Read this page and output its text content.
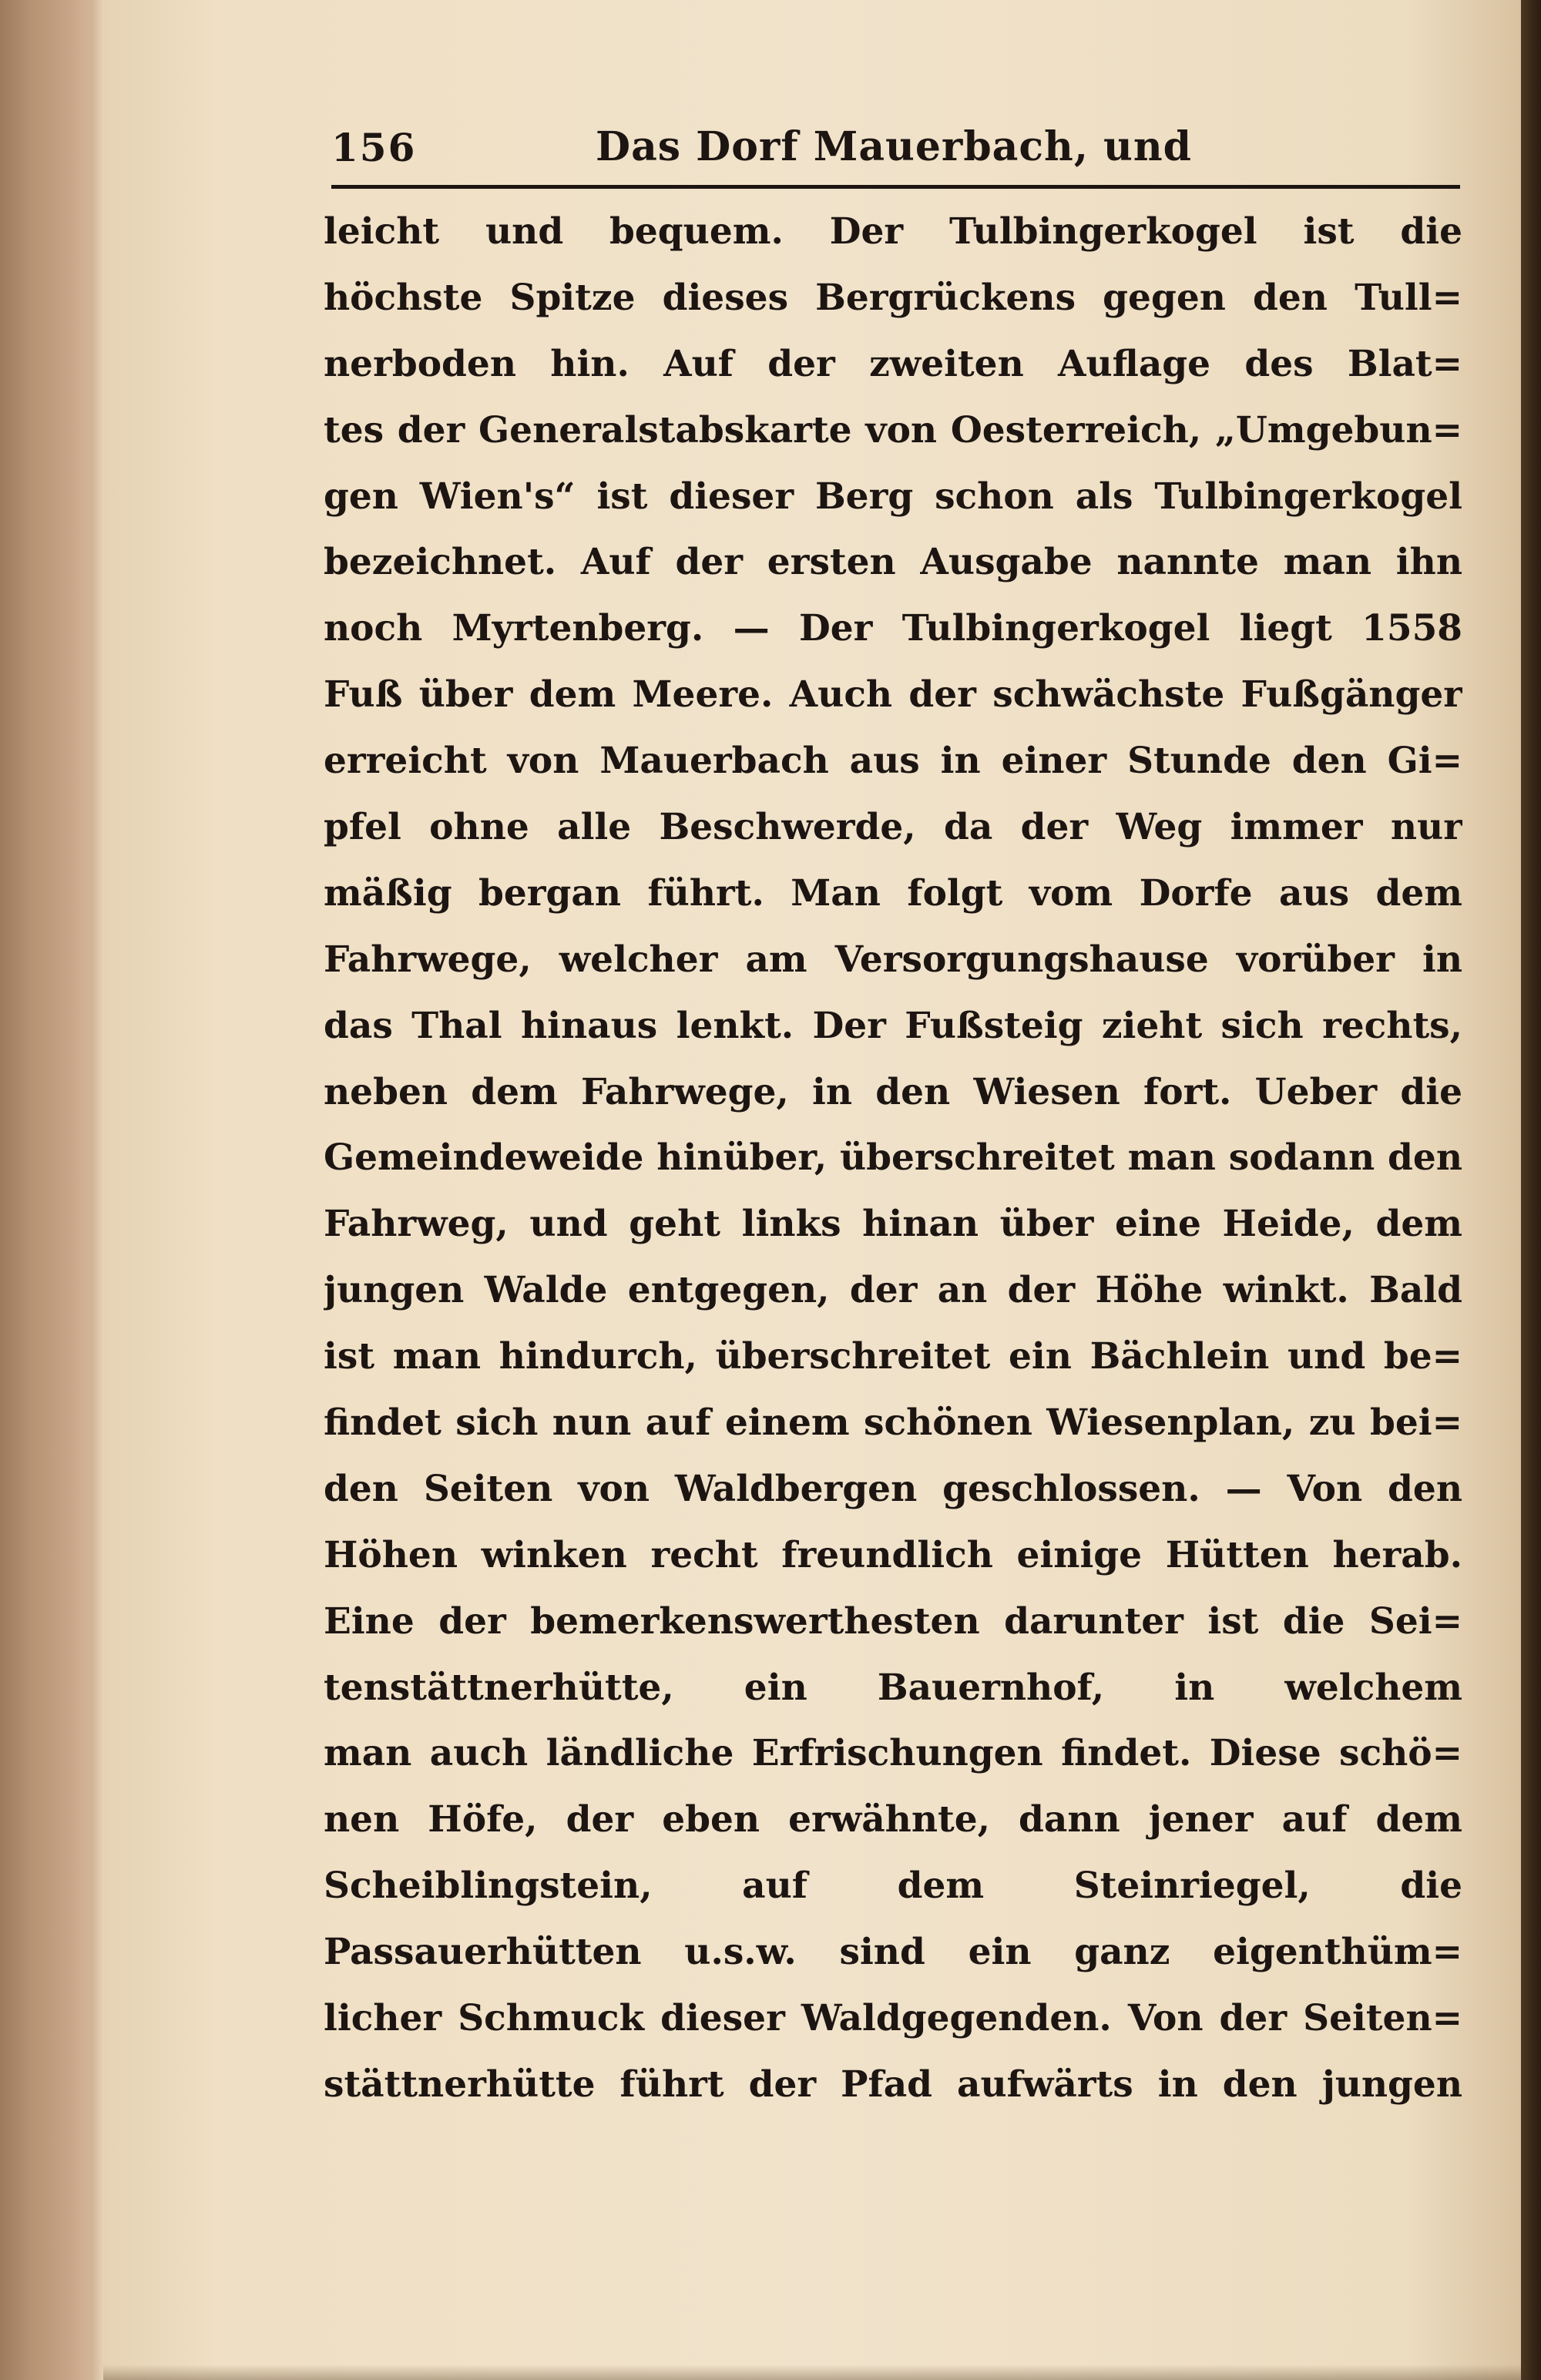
156	Das Dorf Mauerbach, und
leicht und bequem. Der Tulbingerkogel ist die
höchste Spitze dieses Bergrückens gegen den Tull=
nerboden hin. Auf der zweiten Auflage des Blat=
tes der Generalstabskarte von Oesterreich, „Umgebun=
gen Wien's“ ist dieser Berg schon als Tulbingerkogel
bezeichnet. Auf der ersten Ausgabe nannte man ihn
noch Myrtenberg. — Der Tulbingerkogel liegt 1558
Fuß über dem Meere. Auch der schwächste Fußgänger
erreicht von Mauerbach aus in einer Stunde den Gi=
pfel ohne alle Beschwerde, da der Weg immer nur
mäßig bergan führt. Man folgt vom Dorfe aus dem
Fahrwege, welcher am Versorgungshause vorüber in
das Thal hinaus lenkt. Der Fußsteig zieht sich rechts,
neben dem Fahrwege, in den Wiesen fort. Ueber die
Gemeindeweide hinüber, überschreitet man sodann den
Fahrweg, und geht links hinan über eine Heide, dem
jungen Walde entgegen, der an der Höhe winkt. Bald
ist man hindurch, überschreitet ein Bächlein und be=
findet sich nun auf einem schönen Wiesenplan, zu bei=
den Seiten von Waldbergen geschlossen. — Von den
Höhen winken recht freundlich einige Hütten herab.
Eine der bemerkenswerthesten darunter ist die Sei=
tenstättnerhütte, ein Bauernhof, in welchem
man auch ländliche Erfrischungen findet. Diese schö=
nen Höfe, der eben erwähnte, dann jener auf dem
Scheiblingstein, auf dem Steinriegel, die
Passauerhütten u.s.w. sind ein ganz eigenthüm=
licher Schmuck dieser Waldgegenden. Von der Seiten=
stättnerhütte führt der Pfad aufwärts in den jungen
